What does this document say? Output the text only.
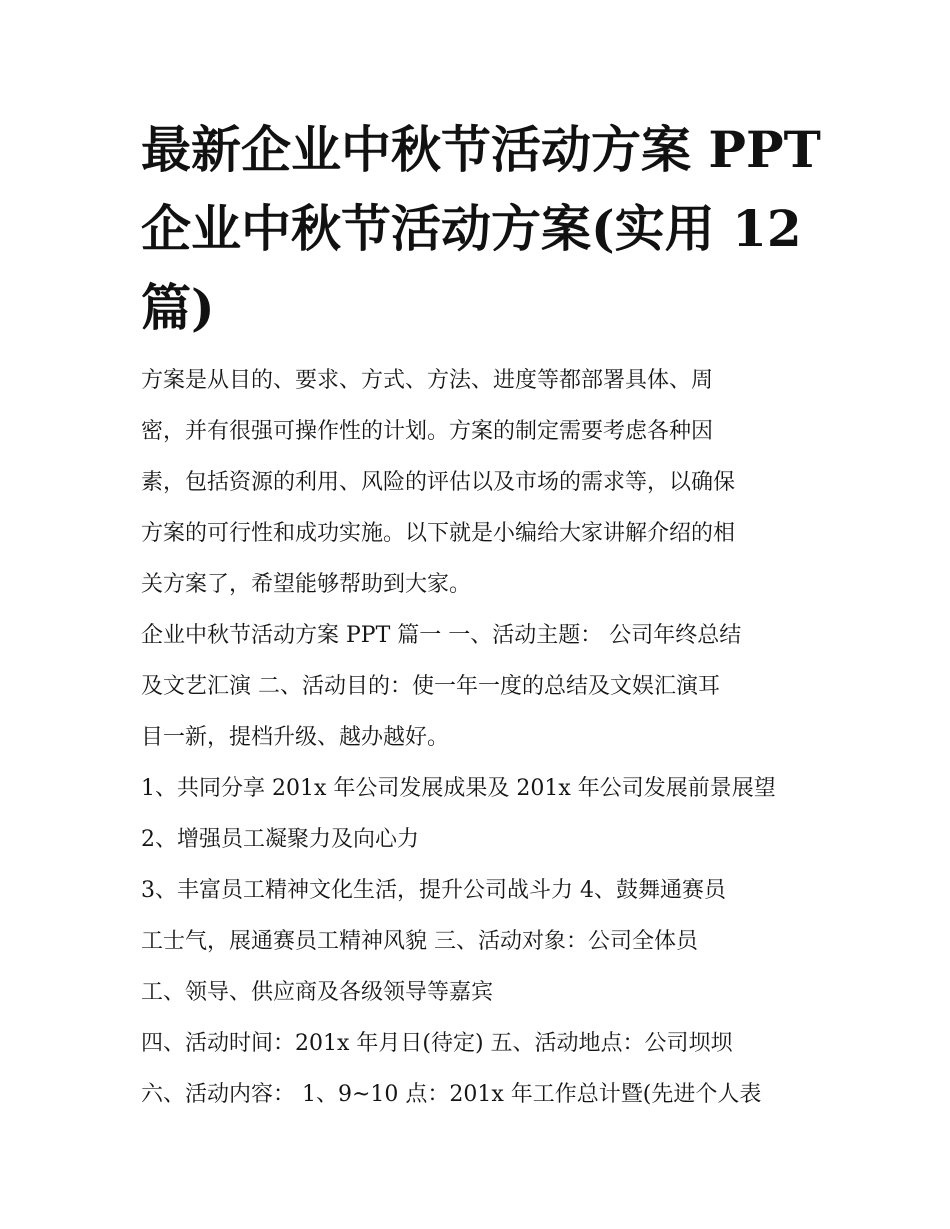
最新企业中秋节活动方案 PPT
企业中秋节活动方案(实用 12
篇)
方案是从目的、要求、方式、方法、进度等都部署具体、周
密，并有很强可操作性的计划。方案的制定需要考虑各种因
素，包括资源的利用、风险的评估以及市场的需求等，以确保
方案的可行性和成功实施。以下就是小编给大家讲解介绍的相
关方案了，希望能够帮助到大家。
企业中秋节活动方案 PPT 篇一 一、活动主题： 公司年终总结
及文艺汇演 二、活动目的：使一年一度的总结及文娱汇演耳
目一新，提档升级、越办越好。
1、共同分享 201x 年公司发展成果及 201x 年公司发展前景展望
2、增强员工凝聚力及向心力
3、丰富员工精神文化生活，提升公司战斗力 4、鼓舞通赛员
工士气，展通赛员工精神风貌 三、活动对象：公司全体员
工、领导、供应商及各级领导等嘉宾
四、活动时间：201x 年月日(待定) 五、活动地点：公司坝坝
六、活动内容： 1、9~10 点：201x 年工作总计暨(先进个人表
